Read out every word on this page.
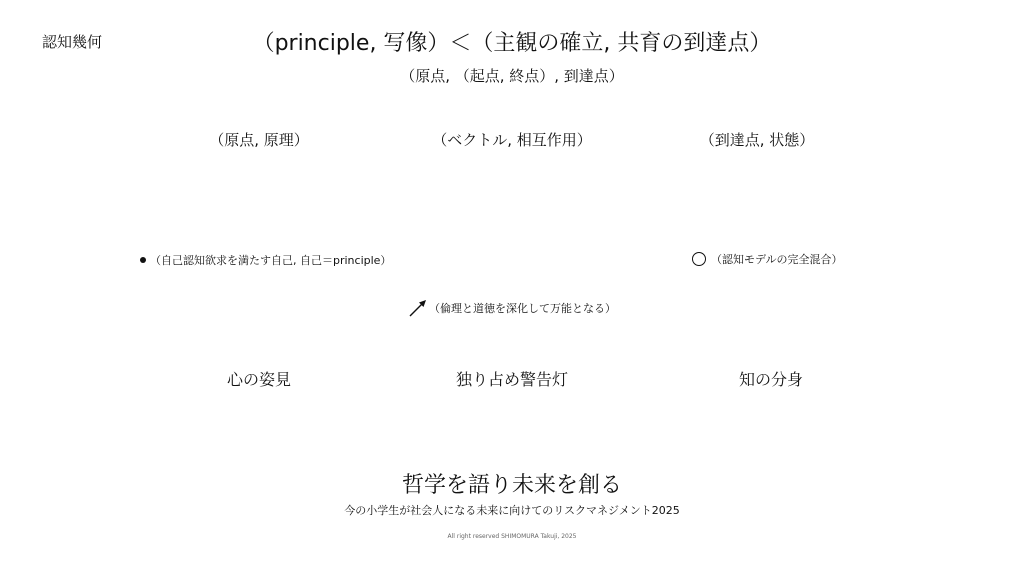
認知幾何	（principle, 写像）＜（主観の確立, 共育の到達点）
（原点, （起点, 終点）, 到達点）
（原点, 原理）	（ベクトル, 相互作用）	（到達点, 状態）
（自己認知欲求を満たす自己, 自己＝principle）	（認知モデルの完全混合）
（倫理と道徳を深化して万能となる）
心の姿見	独り占め警告灯	知の分身
哲学を語り未来を創る
今の小学生が社会人になる未来に向けてのリスクマネジメント2025
All right reserved SHIMOMURA Takuji, 2025
